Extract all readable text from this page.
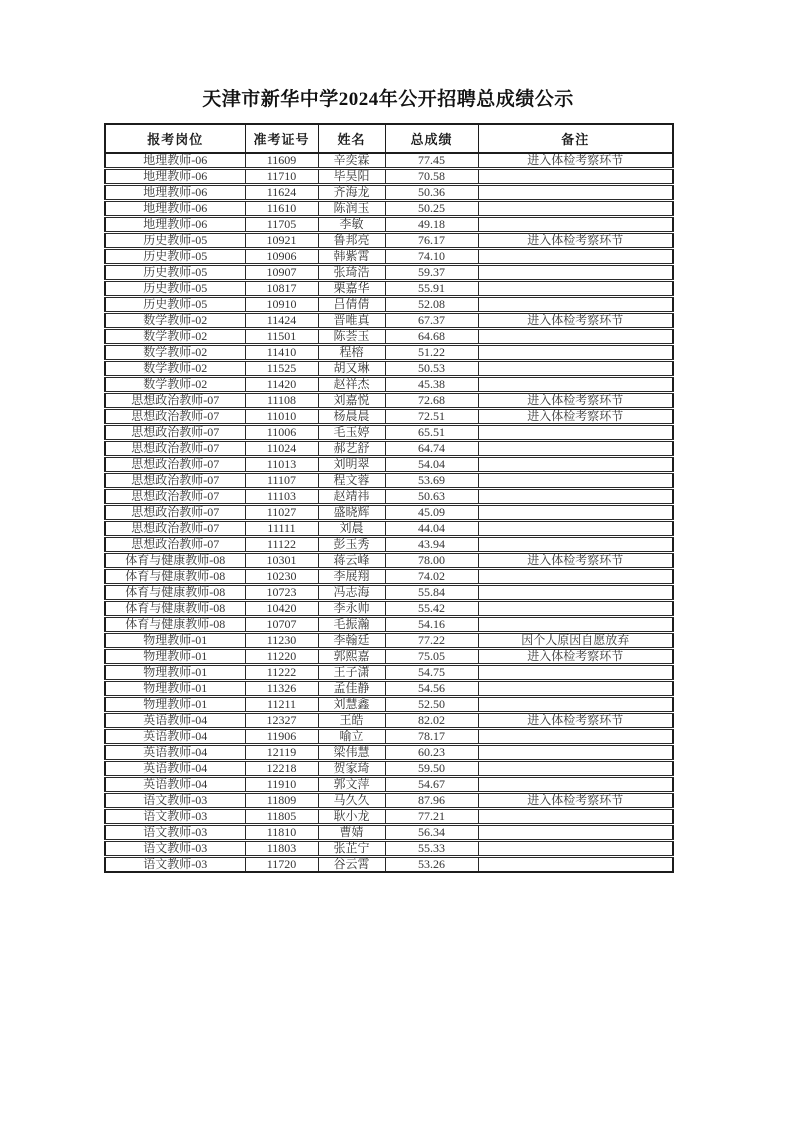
天津市新华中学2024年公开招聘总成绩公示
报考岗位	准考证号	姓名	总成绩	备注
地理教师-06	11609	辛奕霖	77.45	进入体检考察环节
地理教师-06	11710	毕昊阳	70.58	
地理教师-06	11624	齐海龙	50.36	
地理教师-06	11610	陈润玉	50.25	
地理教师-06	11705	李敏	49.18	
历史教师-05	10921	鲁邦亮	76.17	进入体检考察环节
历史教师-05	10906	韩紫霄	74.10	
历史教师-05	10907	张琦浩	59.37	
历史教师-05	10817	栗嘉华	55.91	
历史教师-05	10910	吕倩倩	52.08	
数学教师-02	11424	晋唯真	67.37	进入体检考察环节
数学教师-02	11501	陈荟玉	64.68	
数学教师-02	11410	程榕	51.22	
数学教师-02	11525	胡又琳	50.53	
数学教师-02	11420	赵祥杰	45.38	
思想政治教师-07	11108	刘嘉悦	72.68	进入体检考察环节
思想政治教师-07	11010	杨晨晨	72.51	进入体检考察环节
思想政治教师-07	11006	毛玉婷	65.51	
思想政治教师-07	11024	郝艺舒	64.74	
思想政治教师-07	11013	刘明翠	54.04	
思想政治教师-07	11107	程文蓉	53.69	
思想政治教师-07	11103	赵靖祎	50.63	
思想政治教师-07	11027	盛晓辉	45.09	
思想政治教师-07	11111	刘晨	44.04	
思想政治教师-07	11122	彭玉秀	43.94	
体育与健康教师-08	10301	蒋云峰	78.00	进入体检考察环节
体育与健康教师-08	10230	李展翔	74.02	
体育与健康教师-08	10723	冯志海	55.84	
体育与健康教师-08	10420	李永帅	55.42	
体育与健康教师-08	10707	毛振瀚	54.16	
物理教师-01	11230	李翰廷	77.22	因个人原因自愿放弃
物理教师-01	11220	郭熙嘉	75.05	进入体检考察环节
物理教师-01	11222	王子潇	54.75	
物理教师-01	11326	孟佳静	54.56	
物理教师-01	11211	刘慧鑫	52.50	
英语教师-04	12327	王皓	82.02	进入体检考察环节
英语教师-04	11906	喻立	78.17	
英语教师-04	12119	梁伟慧	60.23	
英语教师-04	12218	贺家琦	59.50	
英语教师-04	11910	郭文萍	54.67	
语文教师-03	11809	马久久	87.96	进入体检考察环节
语文教师-03	11805	耿小龙	77.21	
语文教师-03	11810	曹婧	56.34	
语文教师-03	11803	张芷宁	55.33	
语文教师-03	11720	谷云霄	53.26	
